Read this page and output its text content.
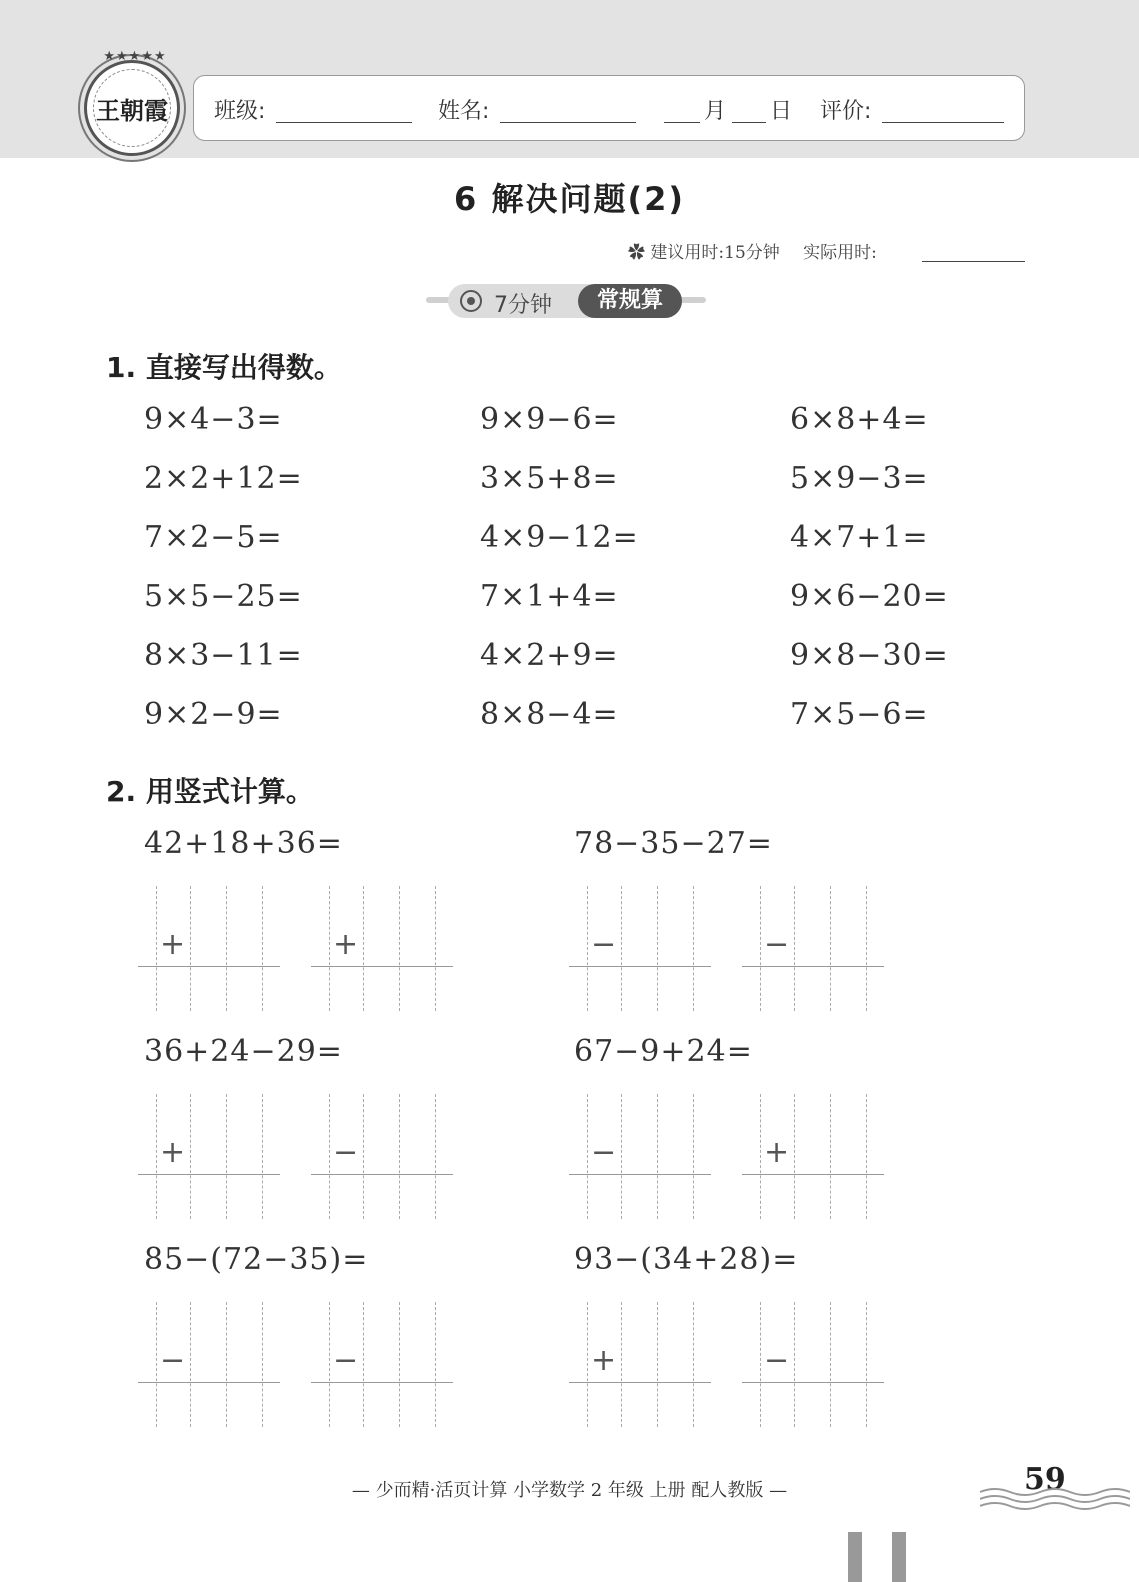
★★★★★
王朝霞	班级:	姓名:	月 日 评价:
6 解决问题(2)
✿ 建议用时:15分钟 实际用时:
7分钟	常规算
1. 直接写出得数。
9×4−3=	9×9−6=	6×8+4=
2×2+12=	3×5+8=	5×9−3=
7×2−5=	4×9−12=	4×7+1=
5×5−25=	7×1+4=	9×6−20=
8×3−11=	4×2+9=	9×8−30=
9×2−9=	8×8−4=	7×5−6=
2. 用竖式计算。
42+18+36=
+	+
78−35−27=
−	−
36+24−29=
+	−
67−9+24=
−	+
85−(72−35)=
−	−
93−(34+28)=
+	−
— 少而精·活页计算 小学数学 2 年级 上册 配人教版 —	59
